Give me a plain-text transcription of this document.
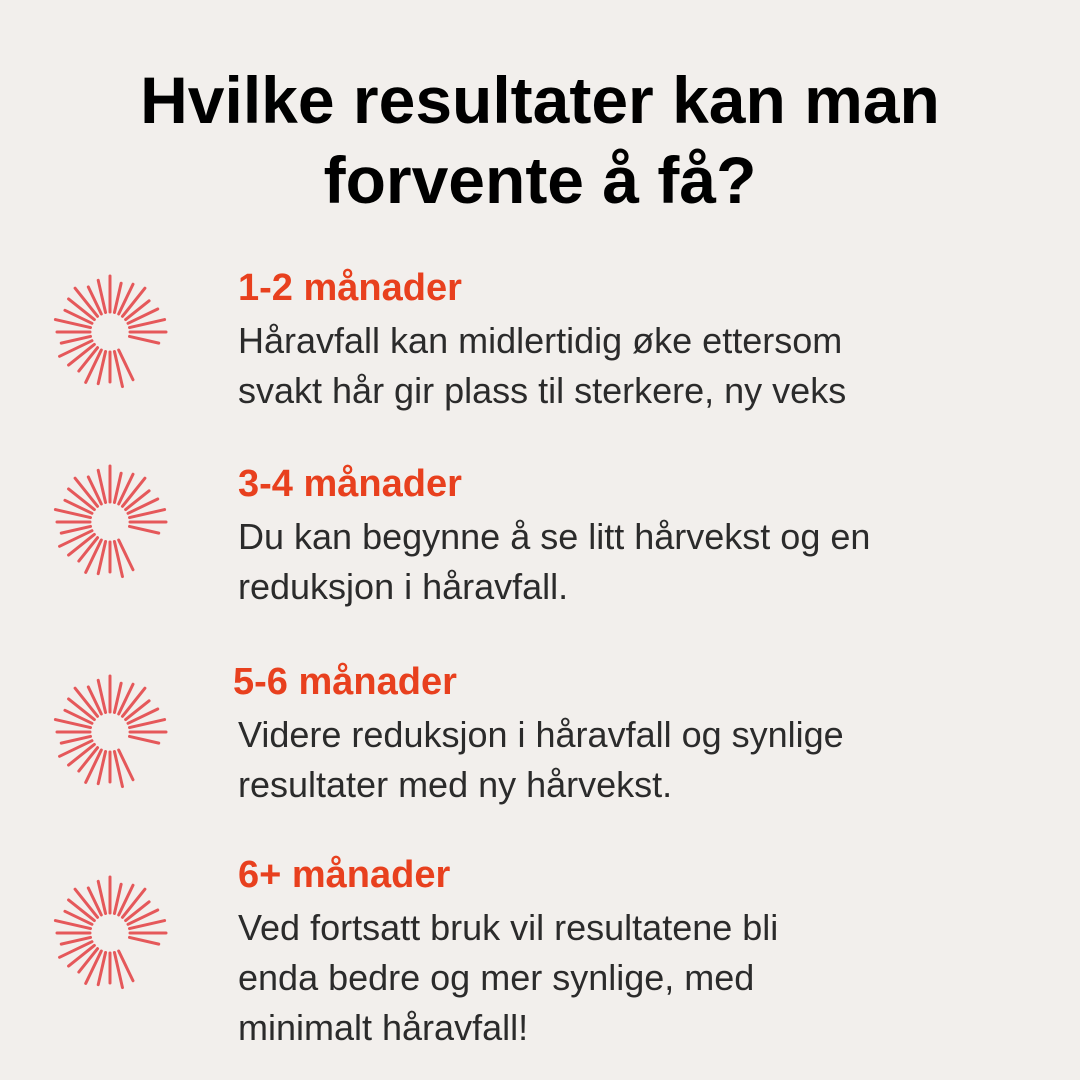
Hvilke resultater kan man
forvente å få?
1-2 månader
Håravfall kan midlertidig øke ettersom
svakt hår gir plass til sterkere, ny veks
3-4 månader
Du kan begynne å se litt hårvekst og en
reduksjon i håravfall.
5-6 månader
Videre reduksjon i håravfall og synlige
resultater med ny hårvekst.
6+ månader
Ved fortsatt bruk vil resultatene bli
enda bedre og mer synlige, med
minimalt håravfall!
